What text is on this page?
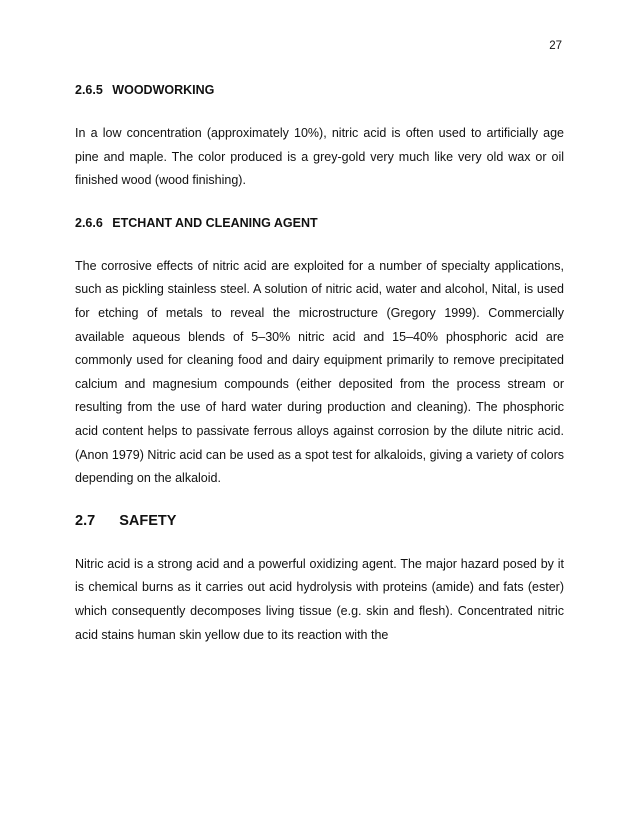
27
2.6.5 WOODWORKING

In a low concentration (approximately 10%), nitric acid is often used to artificially age pine and maple. The color produced is a grey-gold very much like very old wax or oil finished wood (wood finishing).

2.6.6 ETCHANT AND CLEANING AGENT

The corrosive effects of nitric acid are exploited for a number of specialty applications, such as pickling stainless steel. A solution of nitric acid, water and alcohol, Nital, is used for etching of metals to reveal the microstructure (Gregory 1999). Commercially available aqueous blends of 5–30% nitric acid and 15–40% phosphoric acid are commonly used for cleaning food and dairy equipment primarily to remove precipitated calcium and magnesium compounds (either deposited from the process stream or resulting from the use of hard water during production and cleaning). The phosphoric acid content helps to passivate ferrous alloys against corrosion by the dilute nitric acid.(Anon 1979) Nitric acid can be used as a spot test for alkaloids, giving a variety of colors depending on the alkaloid.

2.7 SAFETY

Nitric acid is a strong acid and a powerful oxidizing agent. The major hazard posed by it is chemical burns as it carries out acid hydrolysis with proteins (amide) and fats (ester) which consequently decomposes living tissue (e.g. skin and flesh). Concentrated nitric acid stains human skin yellow due to its reaction with the
